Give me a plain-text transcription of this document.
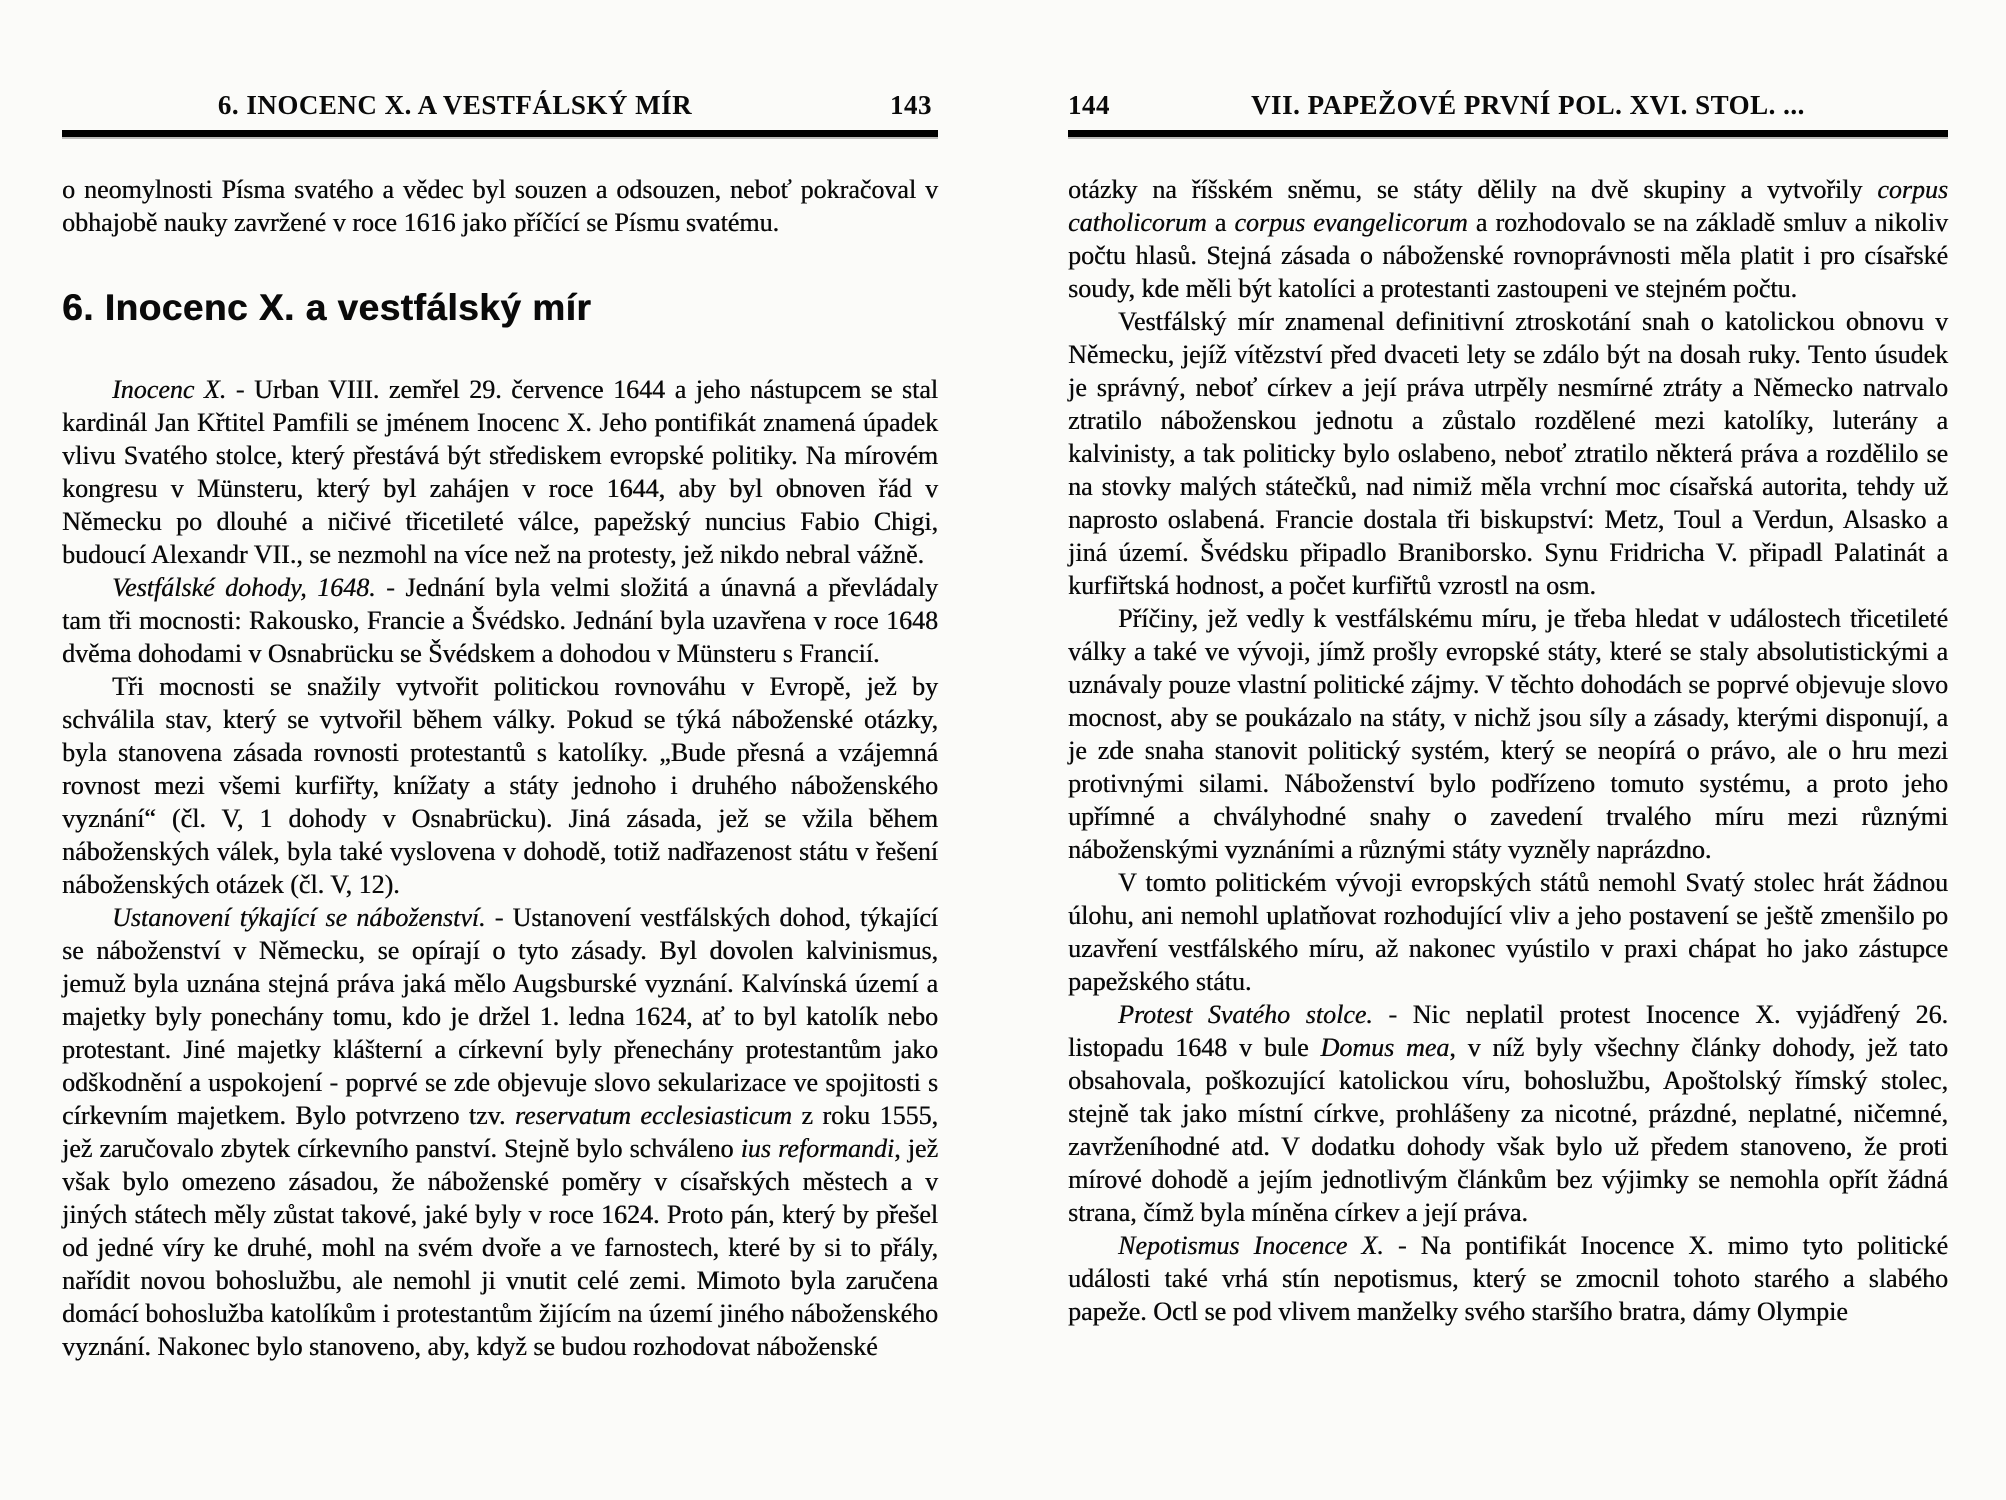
6. INOCENC X. A VESTFÁLSKÝ MÍR	143

o neomylnosti Písma svatého a vědec byl souzen a odsouzen, neboť pokračoval v obhajobě nauky zavržené v roce 1616 jako příčící se Písmu svatému.

6. Inocenc X. a vestfálský mír

Inocenc X. - Urban VIII. zemřel 29. července 1644 a jeho nástupcem se stal kardinál Jan Křtitel Pamfili se jménem Inocenc X. Jeho pontifikát znamená úpadek vlivu Svatého stolce, který přestává být střediskem evropské politiky. Na mírovém kongresu v Münsteru, který byl zahájen v roce 1644, aby byl obnoven řád v Německu po dlouhé a ničivé třicetileté válce, papežský nuncius Fabio Chigi, budoucí Alexandr VII., se nezmohl na více než na protesty, jež nikdo nebral vážně.

Vestfálské dohody, 1648. - Jednání byla velmi složitá a únavná a převládaly tam tři mocnosti: Rakousko, Francie a Švédsko. Jednání byla uzavřena v roce 1648 dvěma dohodami v Osnabrücku se Švédskem a dohodou v Münsteru s Francií.

Tři mocnosti se snažily vytvořit politickou rovnováhu v Evropě, jež by schválila stav, který se vytvořil během války. Pokud se týká náboženské otázky, byla stanovena zásada rovnosti protestantů s katolíky. „Bude přesná a vzájemná rovnost mezi všemi kurfiřty, knížaty a státy jednoho i druhého náboženského vyznání“ (čl. V, 1 dohody v Osnabrücku). Jiná zásada, jež se vžila během náboženských válek, byla také vyslovena v dohodě, totiž nadřazenost státu v řešení náboženských otázek (čl. V, 12).

Ustanovení týkající se náboženství. - Ustanovení vestfálských dohod, týkající se náboženství v Německu, se opírají o tyto zásady. Byl dovolen kalvinismus, jemuž byla uznána stejná práva jaká mělo Augsburské vyznání. Kalvínská území a majetky byly ponechány tomu, kdo je držel 1. ledna 1624, ať to byl katolík nebo protestant. Jiné majetky klášterní a církevní byly přenechány protestantům jako odškodnění a uspokojení - poprvé se zde objevuje slovo sekularizace ve spojitosti s církevním majetkem. Bylo potvrzeno tzv. reservatum ecclesiasticum z roku 1555, jež zaručovalo zbytek církevního panství. Stejně bylo schváleno ius reformandi, jež však bylo omezeno zásadou, že náboženské poměry v císařských městech a v jiných státech měly zůstat takové, jaké byly v roce 1624. Proto pán, který by přešel od jedné víry ke druhé, mohl na svém dvoře a ve farnostech, které by si to přály, nařídit novou bohoslužbu, ale nemohl ji vnutit celé zemi. Mimoto byla zaručena domácí bohoslužba katolíkům i protestantům žijícím na území jiného náboženského vyznání. Nakonec bylo stanoveno, aby, když se budou rozhodovat náboženské

144	VII. PAPEŽOVÉ PRVNÍ POL. XVI. STOL. ...

otázky na říšském sněmu, se státy dělily na dvě skupiny a vytvořily corpus catholicorum a corpus evangelicorum a rozhodovalo se na základě smluv a nikoliv počtu hlasů. Stejná zásada o náboženské rovnoprávnosti měla platit i pro císařské soudy, kde měli být katolíci a protestanti zastoupeni ve stejném počtu.

Vestfálský mír znamenal definitivní ztroskotání snah o katolickou obnovu v Německu, jejíž vítězství před dvaceti lety se zdálo být na dosah ruky. Tento úsudek je správný, neboť církev a její práva utrpěly nesmírné ztráty a Německo natrvalo ztratilo náboženskou jednotu a zůstalo rozdělené mezi katolíky, luterány a kalvinisty, a tak politicky bylo oslabeno, neboť ztratilo některá práva a rozdělilo se na stovky malých státečků, nad nimiž měla vrchní moc císařská autorita, tehdy už naprosto oslabená. Francie dostala tři biskupství: Metz, Toul a Verdun, Alsasko a jiná území. Švédsku připadlo Braniborsko. Synu Fridricha V. připadl Palatinát a kurfiřtská hodnost, a počet kurfiřtů vzrostl na osm.

Příčiny, jež vedly k vestfálskému míru, je třeba hledat v událostech třicetileté války a také ve vývoji, jímž prošly evropské státy, které se staly absolutistickými a uznávaly pouze vlastní politické zájmy. V těchto dohodách se poprvé objevuje slovo mocnost, aby se poukázalo na státy, v nichž jsou síly a zásady, kterými disponují, a je zde snaha stanovit politický systém, který se neopírá o právo, ale o hru mezi protivnými silami. Náboženství bylo podřízeno tomuto systému, a proto jeho upřímné a chvályhodné snahy o zavedení trvalého míru mezi různými náboženskými vyznáními a různými státy vyzněly naprázdno.

V tomto politickém vývoji evropských států nemohl Svatý stolec hrát žádnou úlohu, ani nemohl uplatňovat rozhodující vliv a jeho postavení se ještě zmenšilo po uzavření vestfálského míru, až nakonec vyústilo v praxi chápat ho jako zástupce papežského státu.

Protest Svatého stolce. - Nic neplatil protest Inocence X. vyjádřený 26. listopadu 1648 v bule Domus mea, v níž byly všechny články dohody, jež tato obsahovala, poškozující katolickou víru, bohoslužbu, Apoštolský římský stolec, stejně tak jako místní církve, prohlášeny za nicotné, prázdné, neplatné, ničemné, zavrženíhodné atd. V dodatku dohody však bylo už předem stanoveno, že proti mírové dohodě a jejím jednotlivým článkům bez výjimky se nemohla opřít žádná strana, čímž byla míněna církev a její práva.

Nepotismus Inocence X. - Na pontifikát Inocence X. mimo tyto politické události také vrhá stín nepotismus, který se zmocnil tohoto starého a slabého papeže. Octl se pod vlivem manželky svého staršího bratra, dámy Olympie
